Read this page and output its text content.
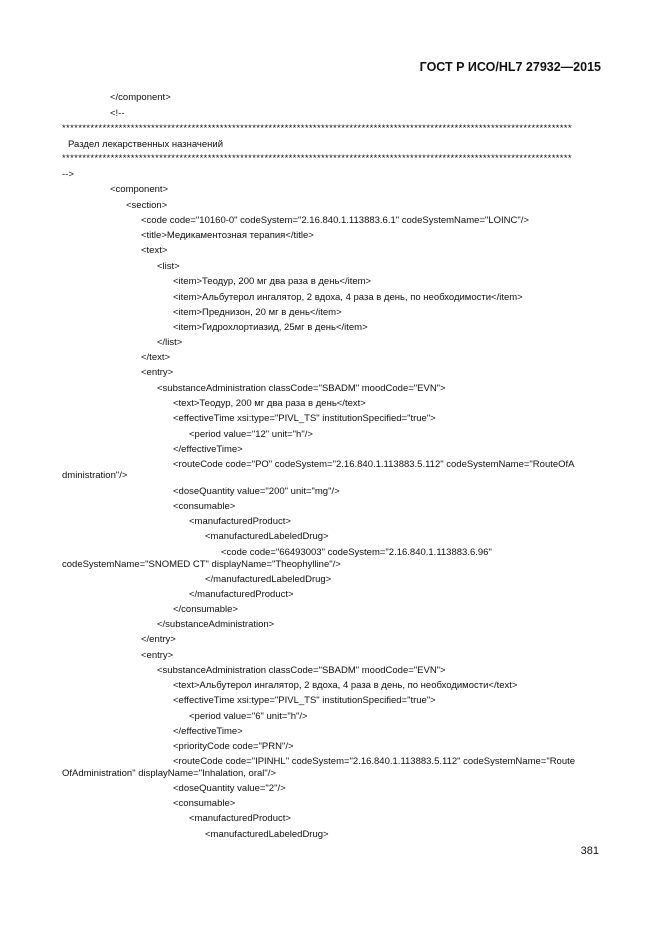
ГОСТ Р ИСО/HL7 27932—2015
</component>
<!--
******************************************************************************************************************************
Раздел лекарственных назначений
******************************************************************************************************************************
-->
<component>
<section>
<code code="10160-0" codeSystem="2.16.840.1.113883.6.1" codeSystemName="LOINC"/>
<title>Медикаментозная терапия</title>
<text>
<list>
<item>Теодур, 200 мг два раза в день</item>
<item>Альбутерол ингалятор, 2 вдоха, 4 раза в день, по необходимости</item>
<item>Преднизон, 20 мг в день</item>
<item>Гидрохлортиазид, 25мг в день</item>
</list>
</text>
<entry>
<substanceAdministration classCode="SBADM" moodCode="EVN">
<text>Теодур, 200 мг два раза в день</text>
<effectiveTime xsi:type="PIVL_TS" institutionSpecified="true">
<period value="12" unit="h"/>
</effectiveTime>
<routeCode code="PO" codeSystem="2.16.840.1.113883.5.112" codeSystemName="RouteOfA
dministration"/>
<doseQuantity value="200" unit="mg"/>
<consumable>
<manufacturedProduct>
<manufacturedLabeledDrug>
<code code="66493003" codeSystem="2.16.840.1.113883.6.96"
codeSystemName="SNOMED CT" displayName="Theophylline"/>
</manufacturedLabeledDrug>
</manufacturedProduct>
</consumable>
</substanceAdministration>
</entry>
<entry>
<substanceAdministration classCode="SBADM" moodCode="EVN">
<text>Альбутерол ингалятор, 2 вдоха, 4 раза в день, по необходимости</text>
<effectiveTime xsi:type="PIVL_TS" institutionSpecified="true">
<period value="6" unit="h"/>
</effectiveTime>
<priorityCode code="PRN"/>
<routeCode code="IPINHL" codeSystem="2.16.840.1.113883.5.112" codeSystemName="Route
OfAdministration" displayName="Inhalation, oral"/>
<doseQuantity value="2"/>
<consumable>
<manufacturedProduct>
<manufacturedLabeledDrug>
381
